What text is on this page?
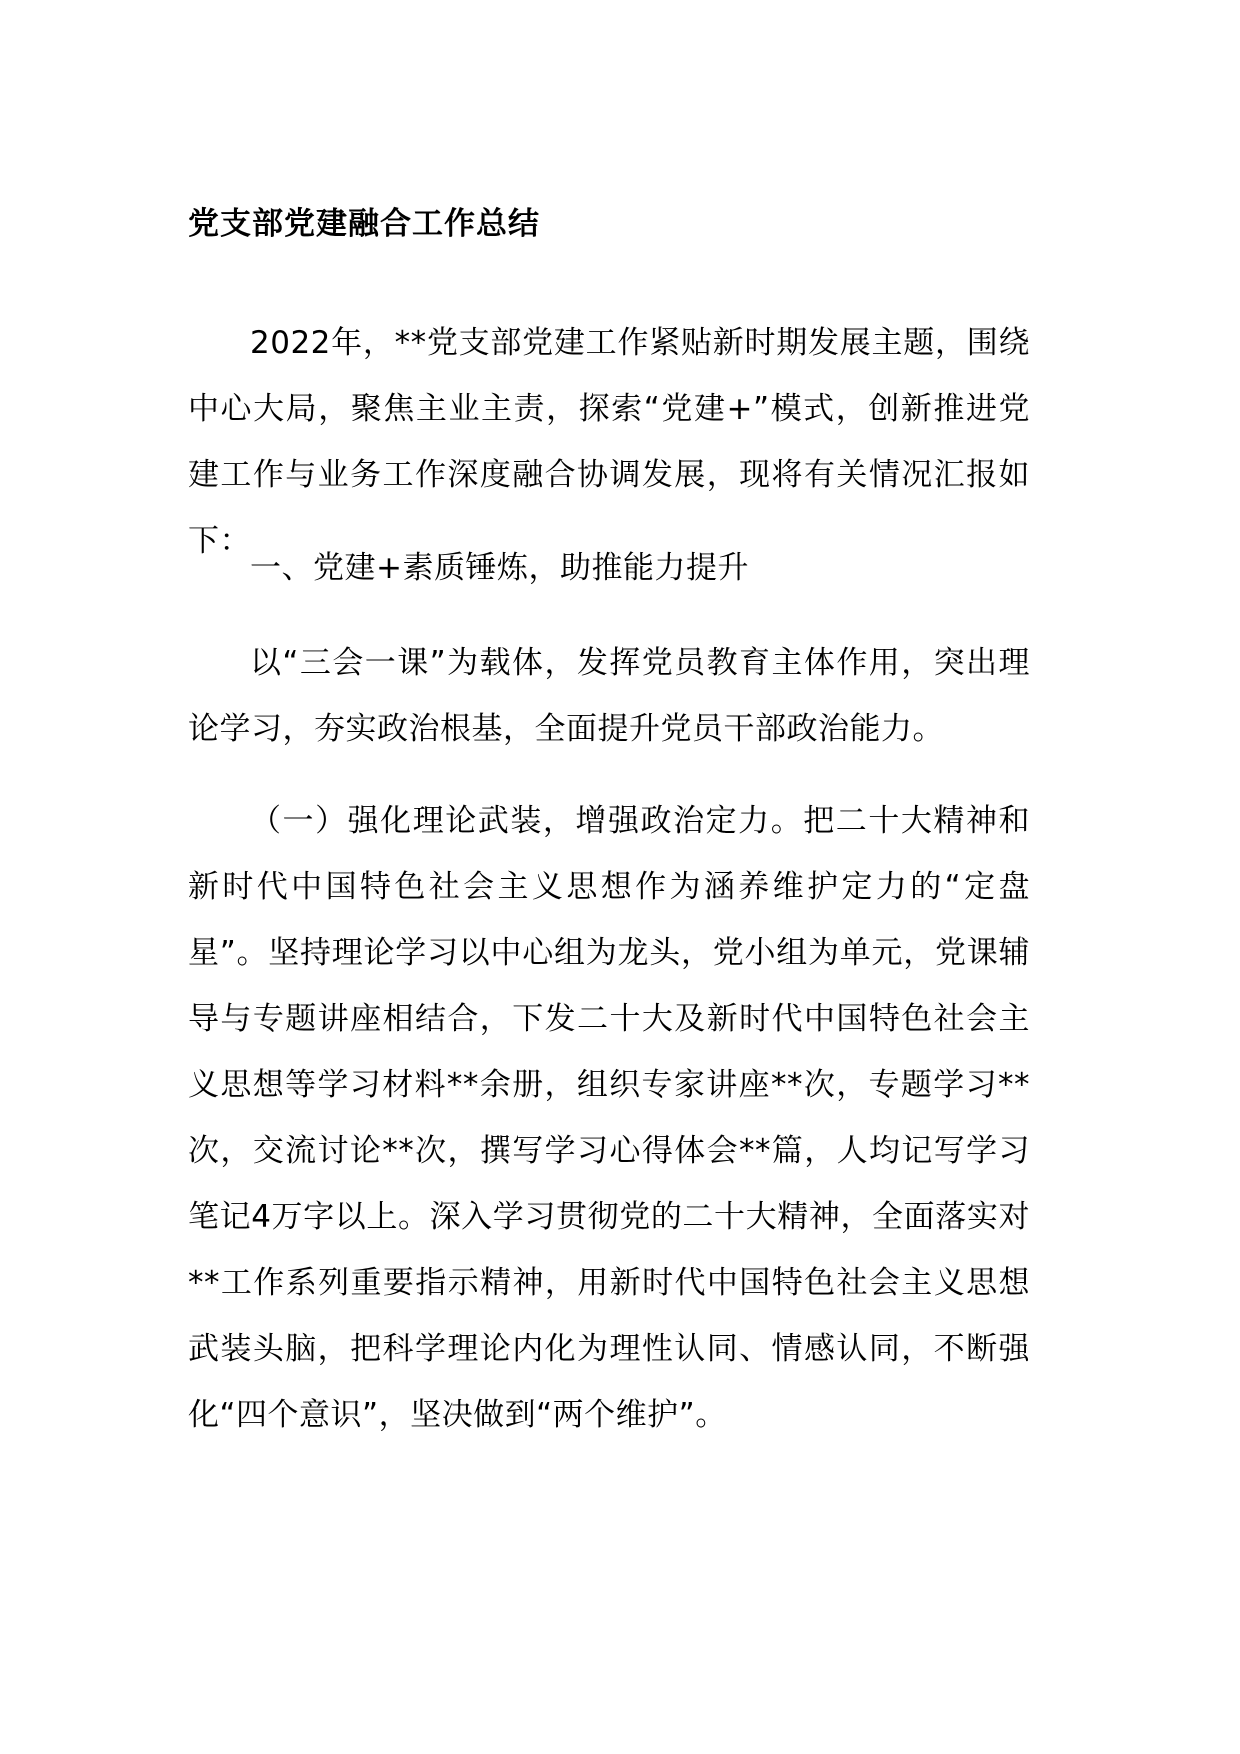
党支部党建融合工作总结

2022年，**党支部党建工作紧贴新时期发展主题，围绕中心大局，聚焦主业主责，探索“党建+”模式，创新推进党建工作与业务工作深度融合协调发展，现将有关情况汇报如下：

一、党建+素质锤炼，助推能力提升

以“三会一课”为载体，发挥党员教育主体作用，突出理论学习，夯实政治根基，全面提升党员干部政治能力。

（一）强化理论武装，增强政治定力。把二十大精神和新时代中国特色社会主义思想作为涵养维护定力的“定盘星”。坚持理论学习以中心组为龙头，党小组为单元，党课辅导与专题讲座相结合，下发二十大及新时代中国特色社会主义思想等学习材料**余册，组织专家讲座**次，专题学习**次，交流讨论**次，撰写学习心得体会**篇，人均记写学习笔记4万字以上。深入学习贯彻党的二十大精神，全面落实对**工作系列重要指示精神，用新时代中国特色社会主义思想武装头脑，把科学理论内化为理性认同、情感认同，不断强化“四个意识”，坚决做到“两个维护”。
